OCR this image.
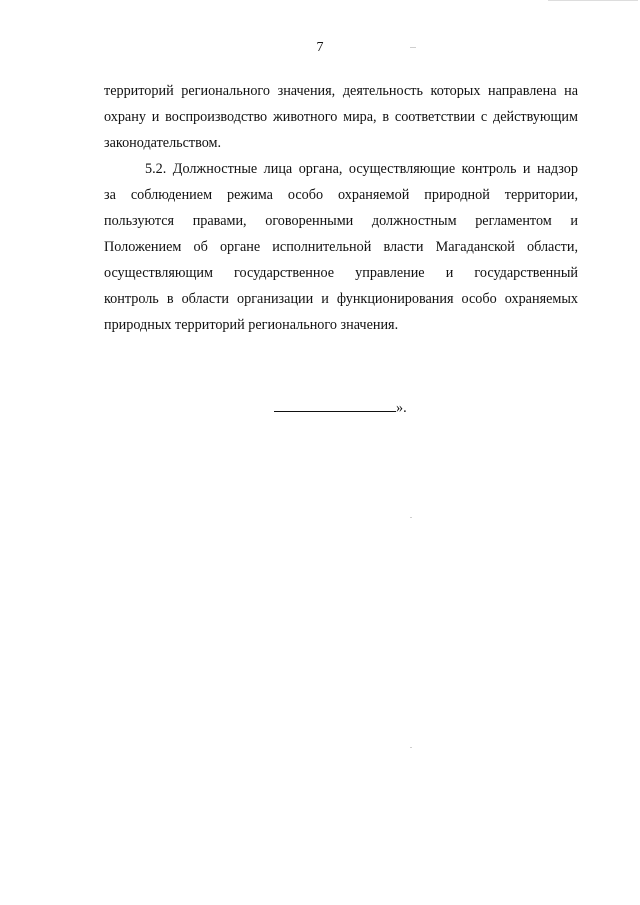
7
территорий регионального значения, деятельность которых направлена на
охрану и воспроизводство животного мира, в соответствии с действующим
законодательством.
5.2. Должностные лица органа, осуществляющие контроль и надзор
за соблюдением режима особо охраняемой природной территории,
пользуются правами, оговоренными должностным регламентом и
Положением об органе исполнительной власти Магаданской области,
осуществляющим государственное управление и государственный
контроль в области организации и функционирования особо охраняемых
природных территорий регионального значения.
».
